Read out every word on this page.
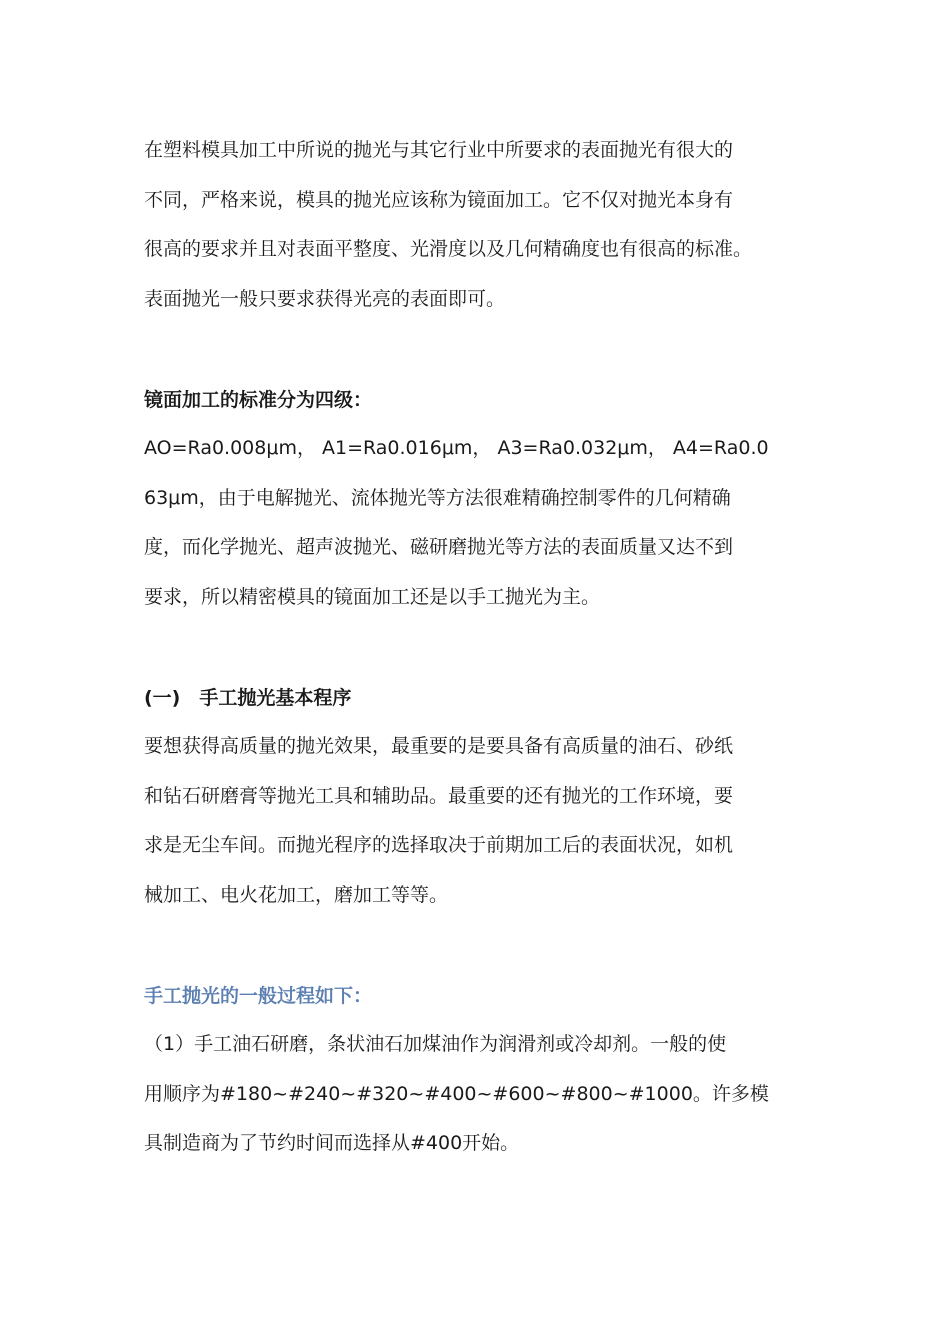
在塑料模具加工中所说的抛光与其它行业中所要求的表面抛光有很大的
不同，严格来说，模具的抛光应该称为镜面加工。它不仅对抛光本身有
很高的要求并且对表面平整度、光滑度以及几何精确度也有很高的标准。
表面抛光一般只要求获得光亮的表面即可。
镜面加工的标准分为四级：
AO=Ra0.008μm， A1=Ra0.016μm， A3=Ra0.032μm， A4=Ra0.0
63μm，由于电解抛光、流体抛光等方法很难精确控制零件的几何精确
度，而化学抛光、超声波抛光、磁研磨抛光等方法的表面质量又达不到
要求，所以精密模具的镜面加工还是以手工抛光为主。
(一)　手工抛光基本程序
要想获得高质量的抛光效果，最重要的是要具备有高质量的油石、砂纸
和钻石研磨膏等抛光工具和辅助品。最重要的还有抛光的工作环境，要
求是无尘车间。而抛光程序的选择取决于前期加工后的表面状况，如机
械加工、电火花加工，磨加工等等。
手工抛光的一般过程如下：
（1）手工油石研磨，条状油石加煤油作为润滑剂或冷却剂。一般的使
用顺序为#180~#240~#320~#400~#600~#800~#1000。许多模
具制造商为了节约时间而选择从#400开始。
